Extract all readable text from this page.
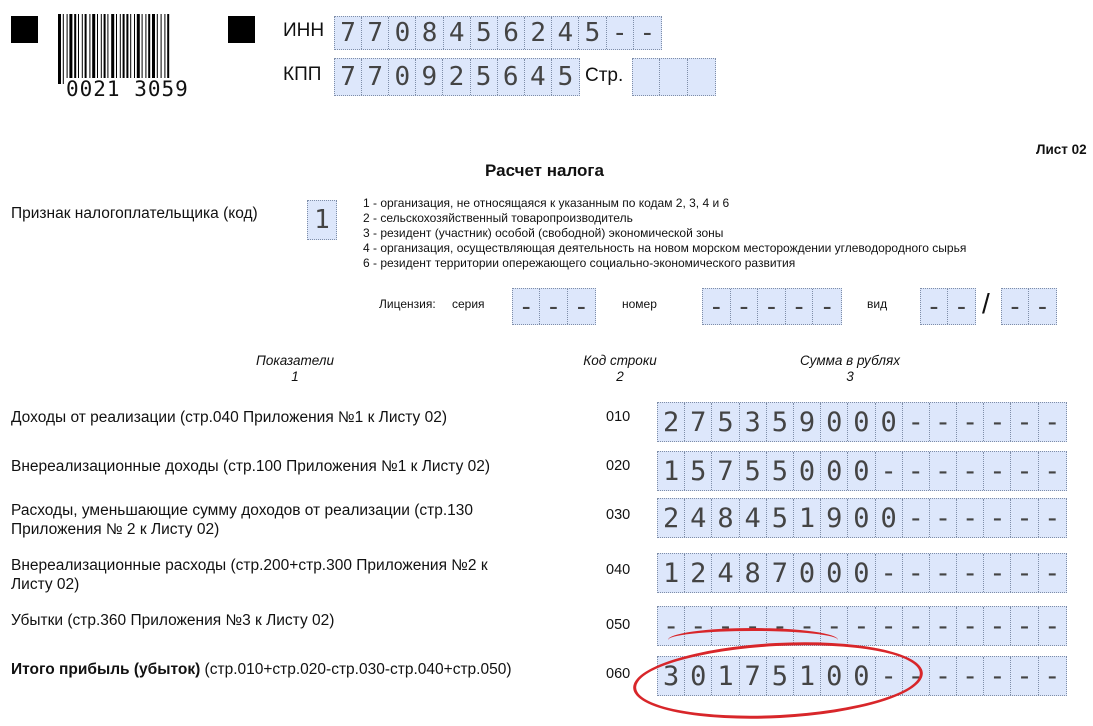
0021 3059
ИНН 7 7 0 8 4 5 6 2 4 5 - -
КПП 7 7 0 9 2 5 6 4 5 Стр.
Лист 02
Расчет налога
Признак налогоплательщика (код) 1
1 - организация, не относящаяся к указанным по кодам 2, 3, 4 и 6
2 - сельскохозяйственный товаропроизводитель
3 - резидент (участник) особой (свободной) экономической зоны
4 - организация, осуществляющая деятельность на новом морском месторождении углеводородного сырья
6 - резидент территории опережающего социально-экономического развития
Лицензия: серия - - -	номер - - - - -	вид - - / - -
Показатели
1
Код строки
2
Сумма в рублях
3
Доходы от реализации (стр.040 Приложения №1 к Листу 02)	010 2 7 5 3 5 9 0 0 0 - - - - - -
Внереализационные доходы (стр.100 Приложения №1 к Листу 02)	020 1 5 7 5 5 0 0 0 - - - - - - -
Расходы, уменьшающие сумму доходов от реализации (стр.130
Приложения № 2 к Листу 02)
030 2 4 8 4 5 1 9 0 0 - - - - - -
Внереализационные расходы (стр.200+стр.300 Приложения №2 к
Листу 02)
040 1 2 4 8 7 0 0 0 - - - - - - -
Убытки (стр.360 Приложения №3 к Листу 02)	050 - - - - - - - - - - - - - - -
Итого прибыль (убыток) (стр.010+стр.020-стр.030-стр.040+стр.050)	060 3 0 1 7 5 1 0 0 - - - - - - -
